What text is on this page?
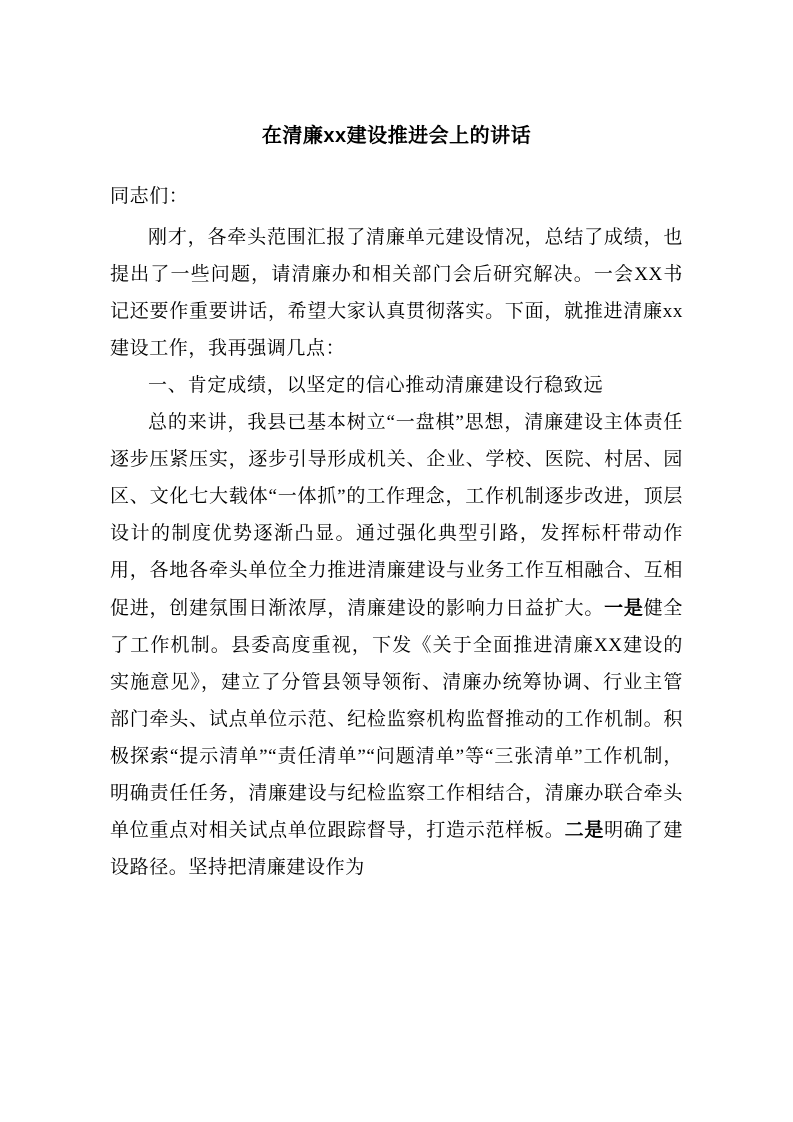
在清廉xx建设推进会上的讲话
同志们：

刚才，各牵头范围汇报了清廉单元建设情况，总结了成绩，也提出了一些问题，请清廉办和相关部门会后研究解决。一会XX书记还要作重要讲话，希望大家认真贯彻落实。下面，就推进清廉xx建设工作，我再强调几点：

一、肯定成绩，以坚定的信心推动清廉建设行稳致远

总的来讲，我县已基本树立“一盘棋”思想，清廉建设主体责任逐步压紧压实，逐步引导形成机关、企业、学校、医院、村居、园区、文化七大载体“一体抓”的工作理念，工作机制逐步改进，顶层设计的制度优势逐渐凸显。通过强化典型引路，发挥标杆带动作用，各地各牵头单位全力推进清廉建设与业务工作互相融合、互相促进，创建氛围日渐浓厚，清廉建设的影响力日益扩大。一是健全了工作机制。县委高度重视，下发《关于全面推进清廉XX建设的实施意见》，建立了分管县领导领衔、清廉办统筹协调、行业主管部门牵头、试点单位示范、纪检监察机构监督推动的工作机制。积极探索“提示清单”“责任清单”“问题清单”等“三张清单”工作机制，明确责任任务，清廉建设与纪检监察工作相结合，清廉办联合牵头单位重点对相关试点单位跟踪督导，打造示范样板。二是明确了建设路径。坚持把清廉建设作为
